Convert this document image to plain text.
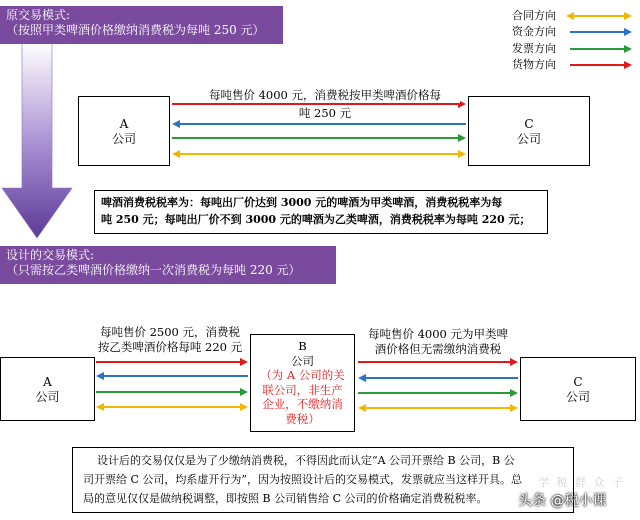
原交易模式:
（按照甲类啤酒价格缴纳消费税为每吨 250 元）
合同方向
资金方向
发票方向
货物方向
A
公司
C
公司
每吨售价 4000 元，消费税按甲类啤酒价格每
吨 250 元
啤酒消费税税率为：每吨出厂价达到 3000 元的啤酒为甲类啤酒，消费税税率为每
吨 250 元；每吨出厂价不到 3000 元的啤酒为乙类啤酒，消费税税率为每吨 220 元；
设计的交易模式:
（只需按乙类啤酒价格缴纳一次消费税为每吨 220 元）
每吨售价 2500 元，消费税
按乙类啤酒价格每吨 220 元
每吨售价 4000 元为甲类啤
酒价格但无需缴纳消费税
A
公司
B
公司
（为 A 公司的关
联公司，非生产
企业，不缴纳消
费税）
C
公司
设计后的交易仅仅是为了少缴纳消费税，不得因此而认定“A 公司开票给 B 公司，B 公
司开票给 C 公司，均系虚开行为”，因为按照设计后的交易模式，发票就应当这样开具。总
局的意见仅仅是做纳税调整，即按照 B 公司销售给 C 公司的价格确定消费税税率。
学 税 群 众 子
头条 @税小课
